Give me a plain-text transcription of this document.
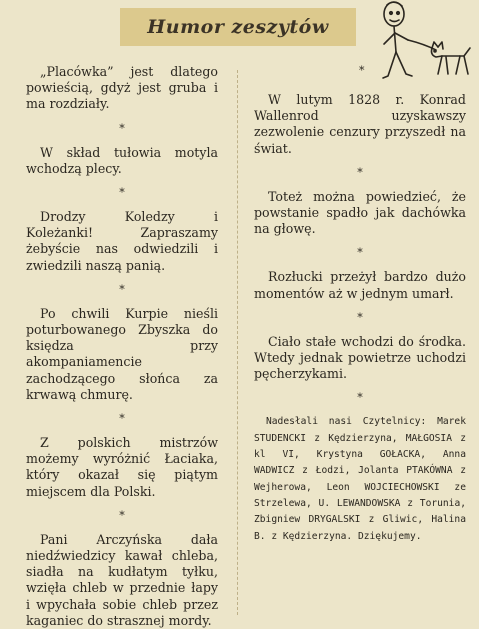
Humor zeszytów
*

„Placówka” jest dlatego powieścią, gdyż jest gruba i ma rozdziały.

*

W skład tułowia motyla wchodzą plecy.

*

Drodzy Koledzy i Koleżanki! Zapraszamy żebyście nas odwiedzili i zwiedzili naszą panią.

*

Po chwili Kurpie nieśli poturbowanego Zbyszka do księdza przy akompaniamencie zachodzącego słońca za krwawą chmurę.

*

Z polskich mistrzów możemy wyróżnić Łaciaka, który okazał się piątym miejscem dla Polski.

*

Pani Arczyńska dała niedźwiedzicy kawał chleba, siadła na kudłatym tyłku, wzięła chleb w przednie łapy i wpychała sobie chleb przez kaganiec do strasznej mordy.

W lutym 1828 r. Konrad Wallenrod uzyskawszy zezwolenie cenzury przyszedł na świat.

*

Toteż można powiedzieć, że powstanie spadło jak dachówka na głowę.

*

Rozłucki przeżył bardzo dużo momentów aż w jednym umarł.

*

Ciało stałe wchodzi do środka. Wtedy jednak powietrze uchodzi pęcherzykami.

*

Nadesłali nasi Czytelnicy: Marek STUDENCKI z Kędzierzyna, MAŁGOSIA z kl VI, Krystyna GOŁACKA, Anna WADWICZ z Łodzi, Jolanta PTAKÓWNA z Wejherowa, Leon WOJCIECHOWSKI ze Strzelewa, U. LEWANDOWSKA z Torunia, Zbigniew DRYGALSKI z Gliwic, Halina B. z Kędzierzyna. Dziękujemy.
